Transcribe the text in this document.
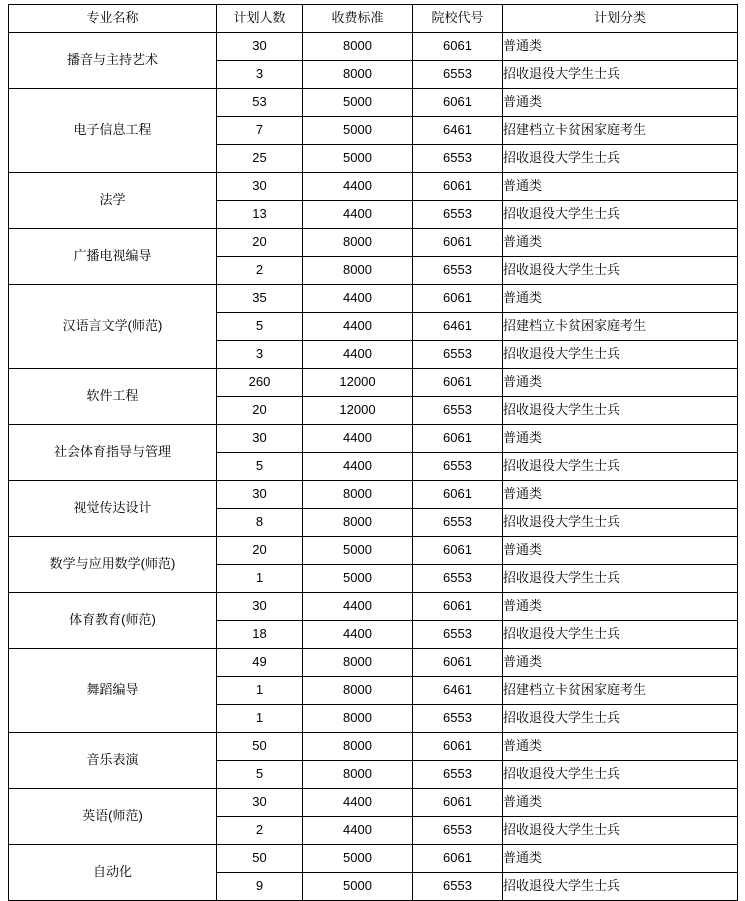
专业名称	计划人数	收费标准	院校代号	计划分类
播音与主持艺术	30	8000	6061	普通类
	3	8000	6553	招收退役大学生士兵
电子信息工程	53	5000	6061	普通类
	7	5000	6461	招建档立卡贫困家庭考生
	25	5000	6553	招收退役大学生士兵
法学	30	4400	6061	普通类
	13	4400	6553	招收退役大学生士兵
广播电视编导	20	8000	6061	普通类
	2	8000	6553	招收退役大学生士兵
汉语言文学(师范)	35	4400	6061	普通类
	5	4400	6461	招建档立卡贫困家庭考生
	3	4400	6553	招收退役大学生士兵
软件工程	260	12000	6061	普通类
	20	12000	6553	招收退役大学生士兵
社会体育指导与管理	30	4400	6061	普通类
	5	4400	6553	招收退役大学生士兵
视觉传达设计	30	8000	6061	普通类
	8	8000	6553	招收退役大学生士兵
数学与应用数学(师范)	20	5000	6061	普通类
	1	5000	6553	招收退役大学生士兵
体育教育(师范)	30	4400	6061	普通类
	18	4400	6553	招收退役大学生士兵
舞蹈编导	49	8000	6061	普通类
	1	8000	6461	招建档立卡贫困家庭考生
	1	8000	6553	招收退役大学生士兵
音乐表演	50	8000	6061	普通类
	5	8000	6553	招收退役大学生士兵
英语(师范)	30	4400	6061	普通类
	2	4400	6553	招收退役大学生士兵
自动化	50	5000	6061	普通类
	9	5000	6553	招收退役大学生士兵
